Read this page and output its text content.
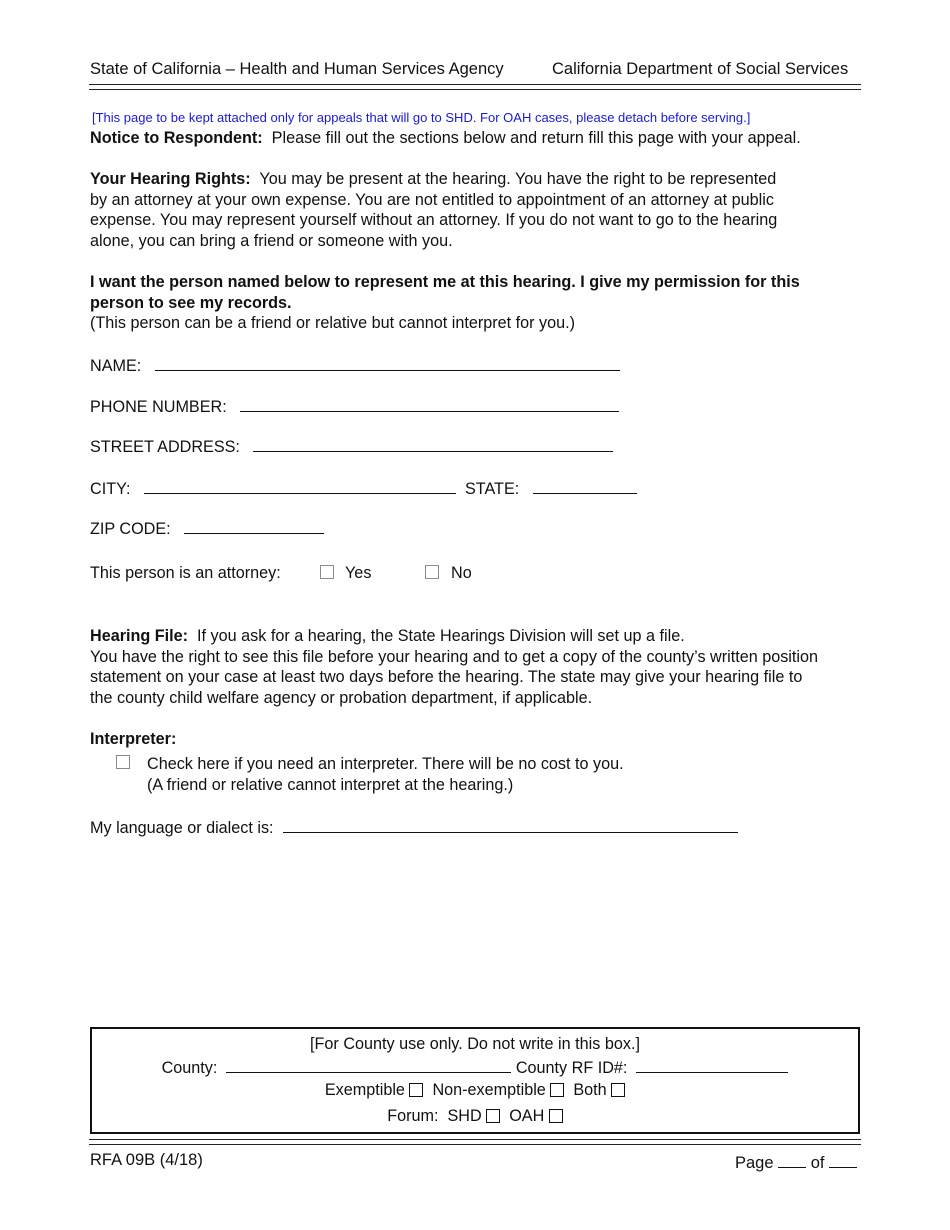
State of California – Health and Human Services Agency	California Department of Social Services
[This page to be kept attached only for appeals that will go to SHD. For OAH cases, please detach before serving.]
Notice to Respondent: Please fill out the sections below and return fill this page with your appeal.
Your Hearing Rights: You may be present at the hearing. You have the right to be represented
by an attorney at your own expense. You are not entitled to appointment of an attorney at public
expense. You may represent yourself without an attorney. If you do not want to go to the hearing
alone, you can bring a friend or someone with you.
I want the person named below to represent me at this hearing. I give my permission for this
person to see my records.
(This person can be a friend or relative but cannot interpret for you.)
NAME:
PHONE NUMBER:
STREET ADDRESS:
CITY:	STATE:
ZIP CODE:
This person is an attorney:	Yes	No
Hearing File: If you ask for a hearing, the State Hearings Division will set up a file.
You have the right to see this file before your hearing and to get a copy of the county’s written position
statement on your case at least two days before the hearing. The state may give your hearing file to
the county child welfare agency or probation department, if applicable.
Interpreter:
Check here if you need an interpreter. There will be no cost to you.
(A friend or relative cannot interpret at the hearing.)
My language or dialect is:
[For County use only. Do not write in this box.]
County:	County RF ID#:
Exemptible Non-exemptible Both
Forum: SHD OAH
RFA 09B (4/18)	Page of
